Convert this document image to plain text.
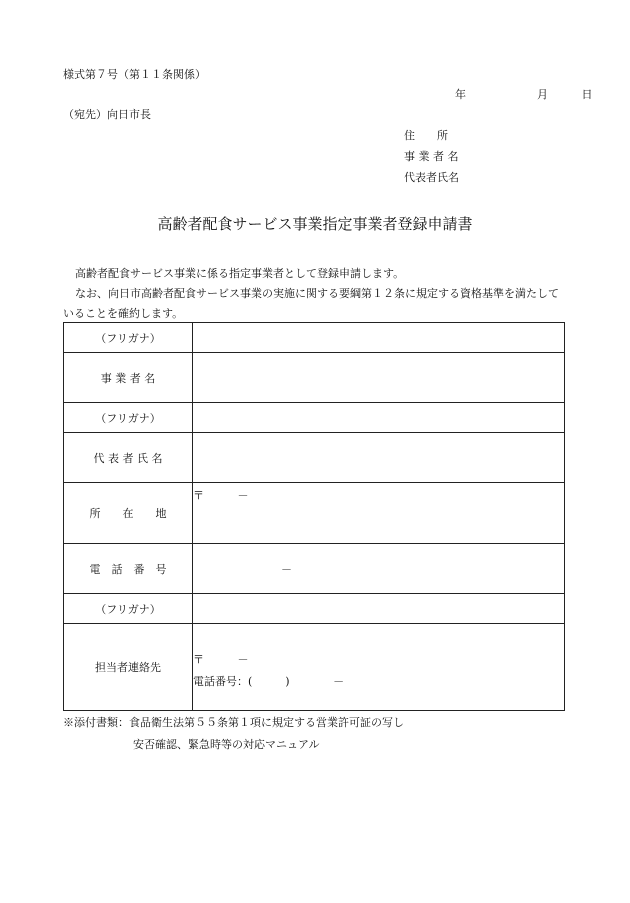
様式第７号（第１１条関係）
年	月	日
（宛先）向日市長
住　　所
事 業 者 名
代表者氏名
高齢者配食サービス事業指定事業者登録申請書

高齢者配食サービス事業に係る指定事業者として登録申請します。

なお、向日市高齢者配食サービス事業の実施に関する要綱第１２条に規定する資格基準を満たしていることを確約します。

（フリガナ）	
事 業 者 名	
（フリガナ）	
代 表 者 氏 名	
所　　在　　地	〒 －
電　話　番　号	－
（フリガナ）	
担当者連絡先	〒 －
電話番号：(　　　) －
※添付書類：食品衛生法第５５条第１項に規定する営業許可証の写し
安否確認、緊急時等の対応マニュアル
